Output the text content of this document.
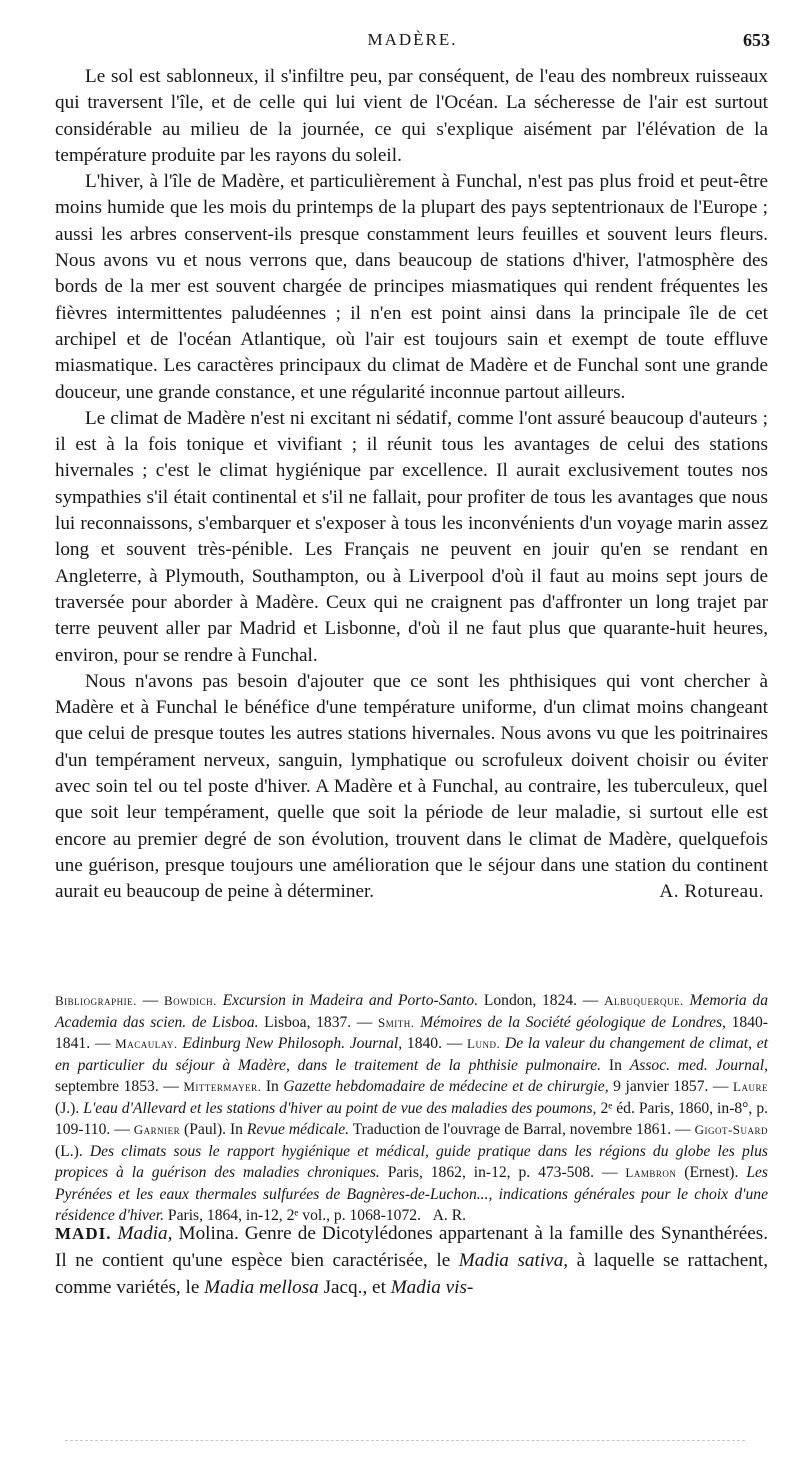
MADÈRE.	653

Le sol est sablonneux, il s'infiltre peu, par conséquent, de l'eau des nombreux ruisseaux qui traversent l'île, et de celle qui lui vient de l'Océan. La sécheresse de l'air est surtout considérable au milieu de la journée, ce qui s'explique aisément par l'élévation de la température produite par les rayons du soleil.

L'hiver, à l'île de Madère, et particulièrement à Funchal, n'est pas plus froid et peut-être moins humide que les mois du printemps de la plupart des pays septentrionaux de l'Europe ; aussi les arbres conservent-ils presque constamment leurs feuilles et souvent leurs fleurs. Nous avons vu et nous verrons que, dans beaucoup de stations d'hiver, l'atmosphère des bords de la mer est souvent chargée de principes miasmatiques qui rendent fréquentes les fièvres intermittentes paludéennes ; il n'en est point ainsi dans la principale île de cet archipel et de l'océan Atlantique, où l'air est toujours sain et exempt de toute effluve miasmatique. Les caractères principaux du climat de Madère et de Funchal sont une grande douceur, une grande constance, et une régularité inconnue partout ailleurs.

Le climat de Madère n'est ni excitant ni sédatif, comme l'ont assuré beaucoup d'auteurs ; il est à la fois tonique et vivifiant ; il réunit tous les avantages de celui des stations hivernales ; c'est le climat hygiénique par excellence. Il aurait exclusivement toutes nos sympathies s'il était continental et s'il ne fallait, pour profiter de tous les avantages que nous lui reconnaissons, s'embarquer et s'exposer à tous les inconvénients d'un voyage marin assez long et souvent très-pénible. Les Français ne peuvent en jouir qu'en se rendant en Angleterre, à Plymouth, Southampton, ou à Liverpool d'où il faut au moins sept jours de traversée pour aborder à Madère. Ceux qui ne craignent pas d'affronter un long trajet par terre peuvent aller par Madrid et Lisbonne, d'où il ne faut plus que quarante-huit heures, environ, pour se rendre à Funchal.

Nous n'avons pas besoin d'ajouter que ce sont les phthisiques qui vont chercher à Madère et à Funchal le bénéfice d'une température uniforme, d'un climat moins changeant que celui de presque toutes les autres stations hivernales. Nous avons vu que les poitrinaires d'un tempérament nerveux, sanguin, lymphatique ou scrofuleux doivent choisir ou éviter avec soin tel ou tel poste d'hiver. A Madère et à Funchal, au contraire, les tuberculeux, quel que soit leur tempérament, quelle que soit la période de leur maladie, si surtout elle est encore au premier degré de son évolution, trouvent dans le climat de Madère, quelquefois une guérison, presque toujours une amélioration que le séjour dans une station du continent aurait eu beaucoup de peine à déterminer.	A. Rotureau.

Bibliographie. — Bowdich. Excursion in Madeira and Porto-Santo. London, 1824. — Albuquerque. Memoria da Academia das scien. de Lisboa. Lisboa, 1837. — Smith. Mémoires de la Société géologique de Londres, 1840-1841. — Macaulay. Edinburg New Philosoph. Journal, 1840. — Lund. De la valeur du changement de climat, et en particulier du séjour à Madère, dans le traitement de la phthisie pulmonaire. In Assoc. med. Journal, septembre 1853. — Mittermayer. In Gazette hebdomadaire de médecine et de chirurgie, 9 janvier 1857. — Laure (J.). L'eau d'Allevard et les stations d'hiver au point de vue des maladies des poumons, 2ᵉ éd. Paris, 1860, in-8°, p. 109-110. — Garnier (Paul). In Revue médicale. Traduction de l'ouvrage de Barral, novembre 1861. — Gigot-Suard (L.). Des climats sous le rapport hygiénique et médical, guide pratique dans les régions du globe les plus propices à la guérison des maladies chroniques. Paris, 1862, in-12, p. 473-508. — Lambron (Ernest). Les Pyrénées et les eaux thermales sulfurées de Bagnères-de-Luchon..., indications générales pour le choix d'une résidence d'hiver. Paris, 1864, in-12, 2ᵉ vol., p. 1068-1072. A. R.

MADI. Madia, Molina. Genre de Dicotylédones appartenant à la famille des Synanthérées. Il ne contient qu'une espèce bien caractérisée, le Madia sativa, à laquelle se rattachent, comme variétés, le Madia mellosa Jacq., et Madia vis-
